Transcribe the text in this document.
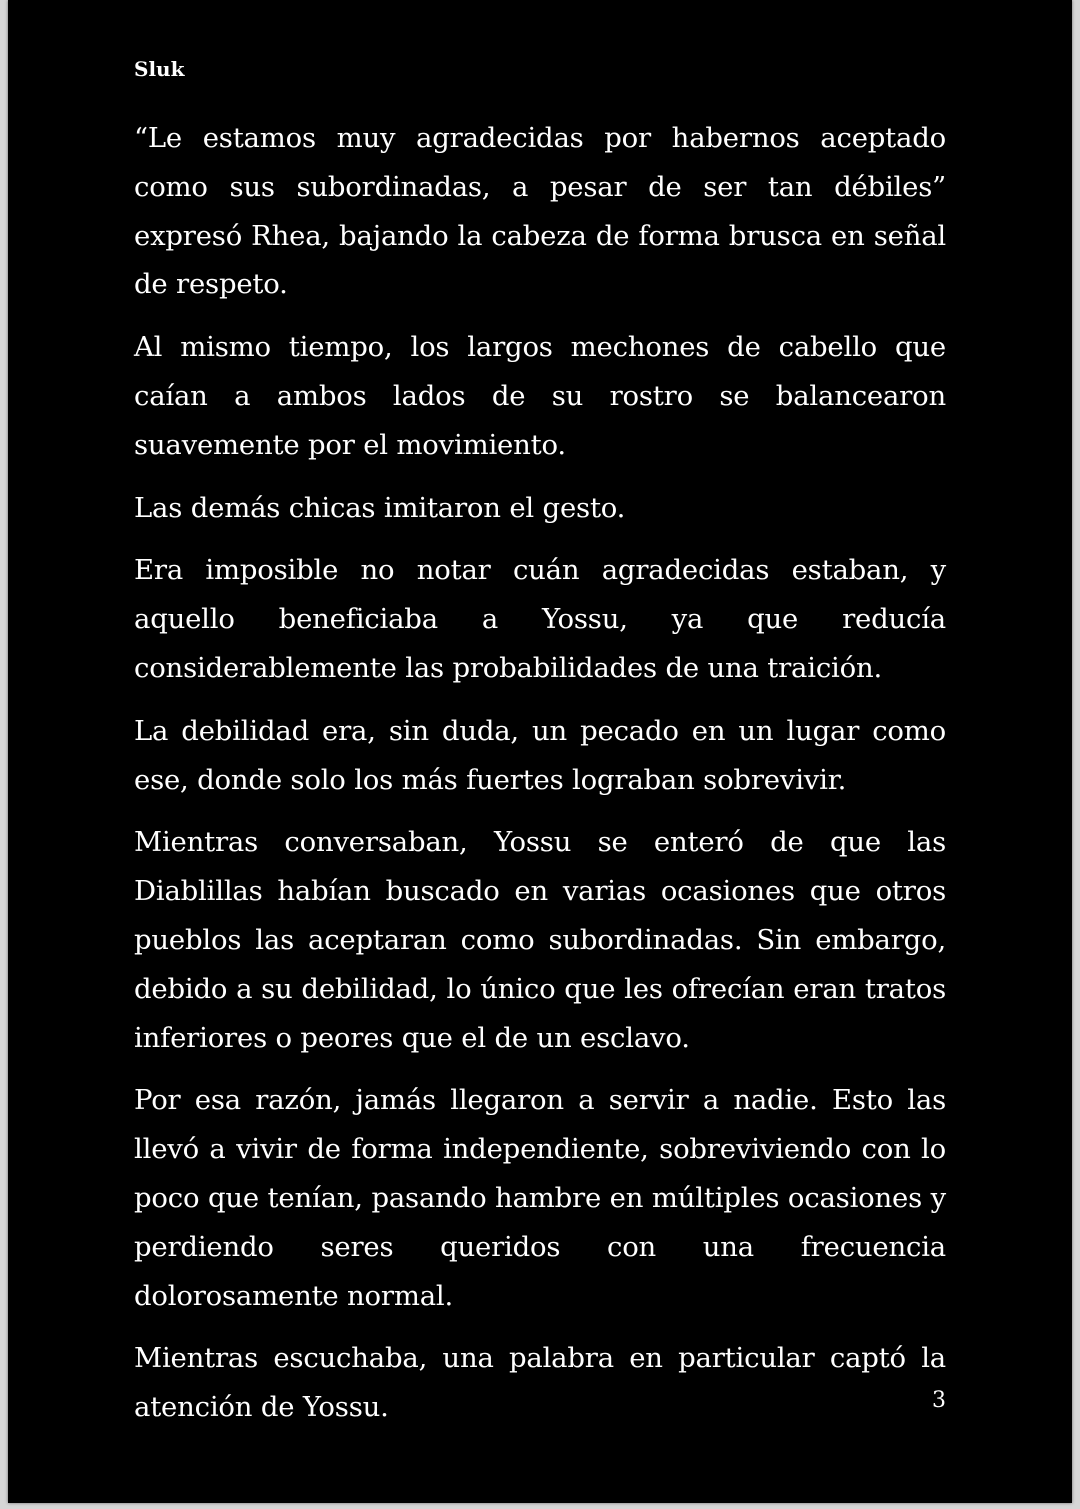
Sluk

“Le estamos muy agradecidas por habernos aceptado como sus subordinadas, a pesar de ser tan débiles” expresó Rhea, bajando la cabeza de forma brusca en señal de respeto.

Al mismo tiempo, los largos mechones de cabello que caían a ambos lados de su rostro se balancearon suavemente por el movimiento.

Las demás chicas imitaron el gesto.

Era imposible no notar cuán agradecidas estaban, y aquello beneficiaba a Yossu, ya que reducía considerablemente las probabilidades de una traición.

La debilidad era, sin duda, un pecado en un lugar como ese, donde solo los más fuertes lograban sobrevivir.

Mientras conversaban, Yossu se enteró de que las Diablillas habían buscado en varias ocasiones que otros pueblos las aceptaran como subordinadas. Sin embargo, debido a su debilidad, lo único que les ofrecían eran tratos inferiores o peores que el de un esclavo.

Por esa razón, jamás llegaron a servir a nadie. Esto las llevó a vivir de forma independiente, sobreviviendo con lo poco que tenían, pasando hambre en múltiples ocasiones y perdiendo seres queridos con una frecuencia dolorosamente normal.

Mientras escuchaba, una palabra en particular captó la atención de Yossu.	3
